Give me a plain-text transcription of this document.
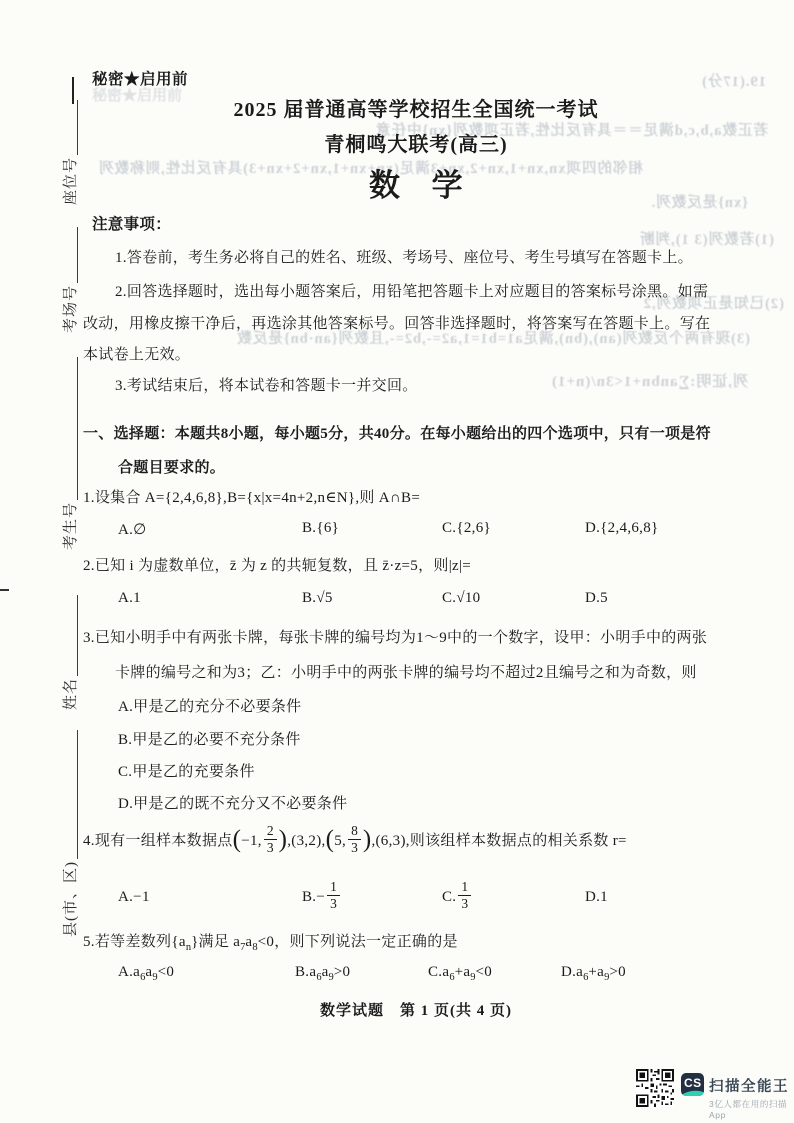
19.(17分)
若正数a,b,c,d满足＝＝具有反比性,若正项数列{xn}中任意
相邻的四项xn,xn+1,xn+2,xn+3满足(xn+xn+1,xn+2+xn+3)具有反比性,则称数列
{xn}是反数列.
(1)若数列(3 1),判断
(2)已知是正项数列,2
(3)现有两个反数列(an),(bn),满足a1=b1=1,a2=-,b2=-,且数列{an·bn}是反数
列,证明:∑anbn+1<3n/(n+1)
秘密★启用前
座位号
考场号
考生号
姓名
县(市、区)
秘密★启用前
2025 届普通高等学校招生全国统一考试
青桐鸣大联考(高三)
数　学
注意事项：
1.答卷前，考生务必将自己的姓名、班级、考场号、座位号、考生号填写在答题卡上。
2.回答选择题时，选出每小题答案后，用铅笔把答题卡上对应题目的答案标号涂黑。如需
改动，用橡皮擦干净后，再选涂其他答案标号。回答非选择题时，将答案写在答题卡上。写在
本试卷上无效。
3.考试结束后，将本试卷和答题卡一并交回。
一、选择题：本题共8小题，每小题5分，共40分。在每小题给出的四个选项中，只有一项是符
合题目要求的。
1.设集合 A={2,4,6,8},B={x|x=4n+2,n∈N},则 A∩B=
A.∅	B.{6}	C.{2,6}	D.{2,4,6,8}
2.已知 i 为虚数单位，z̄ 为 z 的共轭复数，且 z̄·z=5，则|z|=
A.1	B.√5	C.√10	D.5
3.已知小明手中有两张卡牌，每张卡牌的编号均为1～9中的一个数字，设甲：小明手中的两张
卡牌的编号之和为3；乙：小明手中的两张卡牌的编号均不超过2且编号之和为奇数，则
A.甲是乙的充分不必要条件
B.甲是乙的必要不充分条件
C.甲是乙的充要条件
D.甲是乙的既不充分又不必要条件
4.现有一组样本数据点(−1, $\frac{2}{3} ),(3,2),(5$, $\frac{8}{3} ),(6,3)$,则该组样本数据点的相关系数 r=
A.−1	$B.- \frac{1}{3}$	C. $\frac{1}{3}$	D.1
5.若等差数列$\{a_n\}$满足 $a_7a_8<0$，则下列说法一定正确的是
$A.a_6a_9<0$	$B.a_6a_9>0$	$C.a_6+a_9<0$	$D.a_6+a_9>0$
数学试题　第 1 页(共 4 页)
CS 扫描全能王
3亿人都在用的扫描App
